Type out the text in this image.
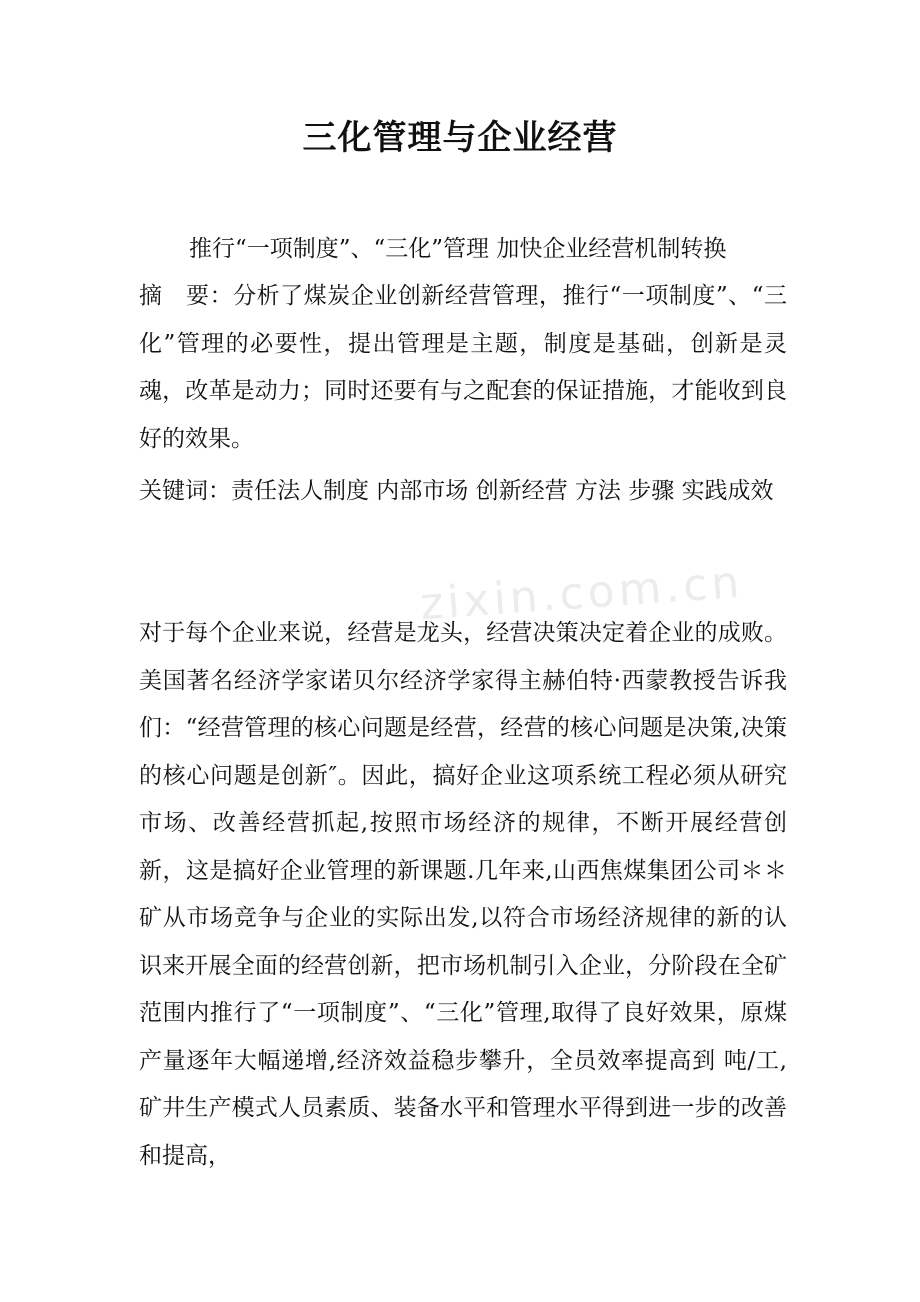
zixin.com.cn
三化管理与企业经营

推行“一项制度”、“三化”管理 加快企业经营机制转换

摘　要：分析了煤炭企业创新经营管理，推行“一项制度”、“三化”管理的必要性，提出管理是主题，制度是基础，创新是灵魂，改革是动力；同时还要有与之配套的保证措施，才能收到良好的效果。

关键词：责任法人制度 内部市场 创新经营 方法 步骤 实践成效

对于每个企业来说，经营是龙头，经营决策决定着企业的成败。美国著名经济学家诺贝尔经济学家得主赫伯特·西蒙教授告诉我们：“经营管理的核心问题是经营，经营的核心问题是决策,决策的核心问题是创新″。因此，搞好企业这项系统工程必须从研究市场、改善经营抓起,按照市场经济的规律，不断开展经营创新，这是搞好企业管理的新课题.几年来,山西焦煤集团公司＊＊矿从市场竞争与企业的实际出发,以符合市场经济规律的新的认识来开展全面的经营创新，把市场机制引入企业，分阶段在全矿范围内推行了“一项制度”、“三化”管理,取得了良好效果，原煤产量逐年大幅递增,经济效益稳步攀升，全员效率提高到 吨/工,矿井生产模式人员素质、装备水平和管理水平得到进一步的改善和提高，
